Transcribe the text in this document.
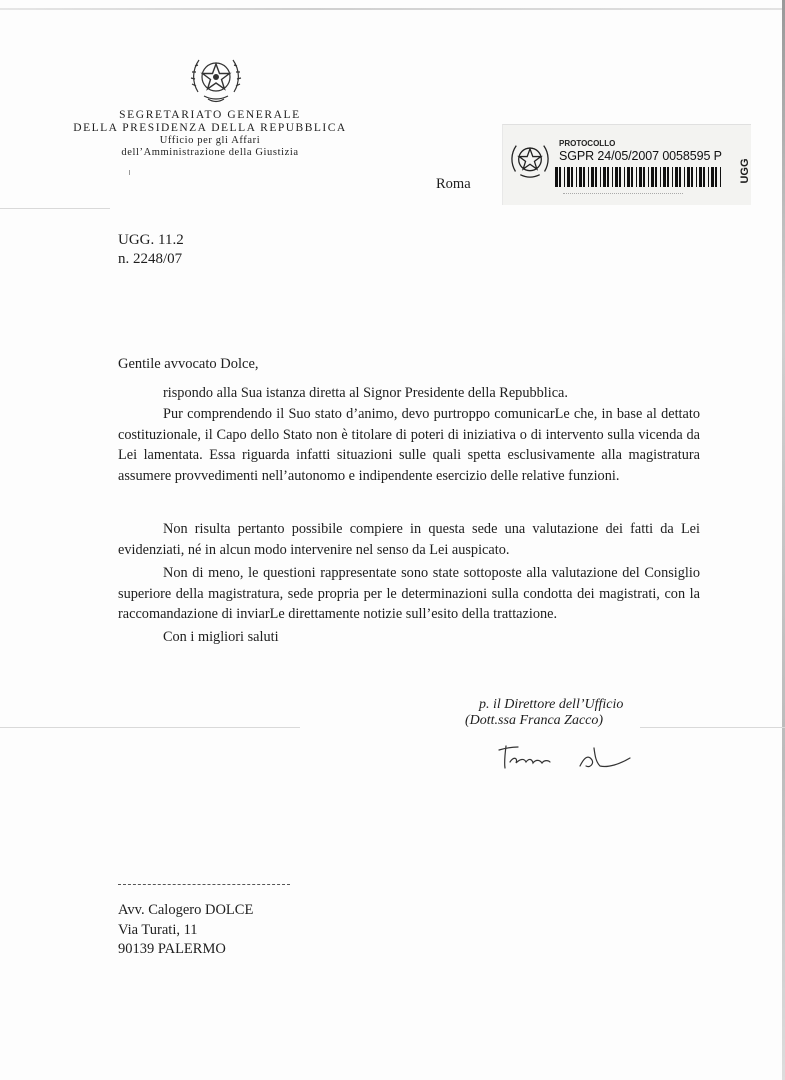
SEGRETARIATO GENERALE
DELLA PRESIDENZA DELLA REPUBBLICA
Ufficio per gli Affari
dell’Amministrazione della Giustizia
Roma
PROTOCOLLO
SGPR 24/05/2007 0058595 P
UGG
UGG. 11.2
n. 2248/07
Gentile avvocato Dolce,
rispondo alla Sua istanza diretta al Signor Presidente della Repubblica.
Pur comprendendo il Suo stato d’animo, devo purtroppo comunicarLe che, in base al dettato costituzionale, il Capo dello Stato non è titolare di poteri di iniziativa o di intervento sulla vicenda da Lei lamentata. Essa riguarda infatti situazioni sulle quali spetta esclusivamente alla magistratura assumere provvedimenti nell’autonomo e indipendente esercizio delle relative funzioni.
Non risulta pertanto possibile compiere in questa sede una valutazione dei fatti da Lei evidenziati, né in alcun modo intervenire nel senso da Lei auspicato.
Non di meno, le questioni rappresentate sono state sottoposte alla valutazione del Consiglio superiore della magistratura, sede propria per le determinazioni sulla condotta dei magistrati, con la raccomandazione di inviarLe direttamente notizie sull’esito della trattazione.
Con i migliori saluti
p. il Direttore dell’Ufficio
(Dott.ssa Franca Zacco)
Avv. Calogero DOLCE
Via Turati, 11
90139 PALERMO
